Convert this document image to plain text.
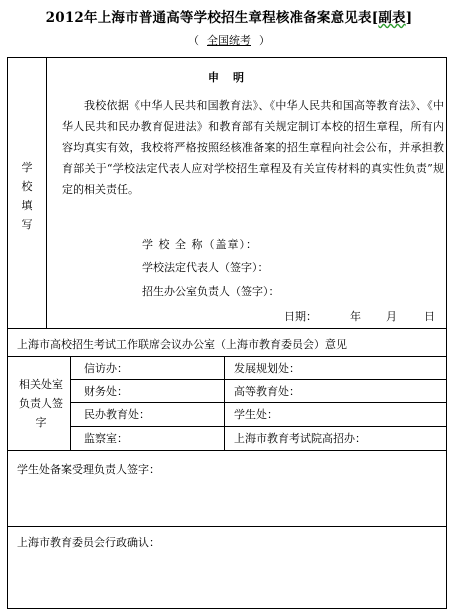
2012年上海市普通高等学校招生章程核准备案意见表[副表]
（ 全国统考 ）
学校填写
申明
我校依据《中华人民共和国教育法》、《中华人民共和国高等教育法》、《中华人民共和民办教育促进法》和教育部有关规定制订本校的招生章程，所有内容均真实有效，我校将严格按照经核准备案的招生章程向社会公布，并承担教育部关于“学校法定代表人应对学校招生章程及有关宣传材料的真实性负责”规定的相关责任。
学 校 全 称（盖章）：
学校法定代表人（签字）：
招生办公室负责人（签字）：
日期：	年 月 日
上海市高校招生考试工作联席会议办公室（上海市教育委员会）意见
相关处室负责人签字
信访办：	发展规划处：
财务处：	高等教育处：
民办教育处：	学生处：
监察室：	上海市教育考试院高招办：
学生处备案受理负责人签字：
上海市教育委员会行政确认：
